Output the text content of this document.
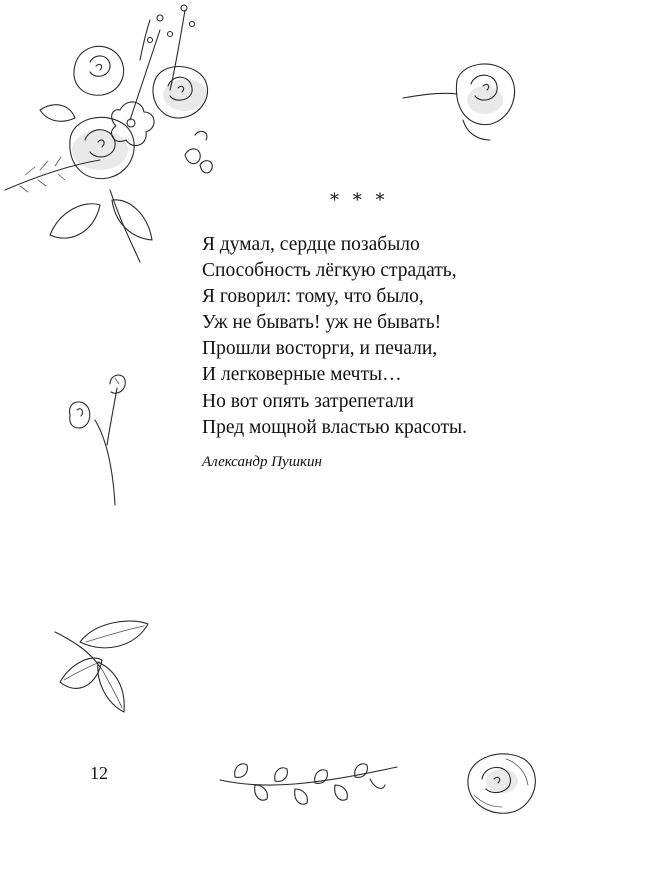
* * *
Я думал, сердце позабыло
Способность лёгкую страдать,
Я говорил: тому, что было,
Уж не бывать! уж не бывать!
Прошли восторги, и печали,
И легковерные мечты…
Но вот опять затрепетали
Пред мощной властью красоты.
Александр Пушкин
12
